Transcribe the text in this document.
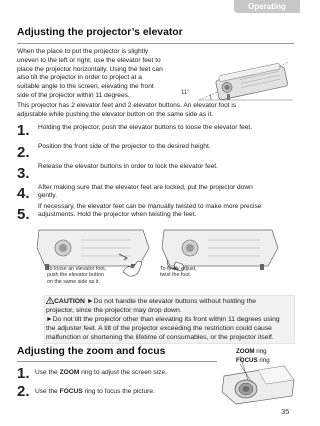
Operating
Adjusting the projector’s elevator
When the place to put the projector is slightly
uneven to the left or right, use the elevator feet to
place the projector horizontally. Using the feet can
also tilt the projector in order to project at a
suitable angle to the screen, elevating the front
side of the projector within 11 degrees.	11°
This projector has 2 elevator feet and 2 elevator buttons. An elevator foot is
adjustable while pushing the elevator button on the same side as it.
1. Holding the projector, push the elevator buttons to loose the elevator feet.
2. Position the front side of the projector to the desired height.
3. Release the elevator buttons in order to lock the elevator feet.
4. After making sure that the elevator feet are locked, put the projector down
gently.
5. If necessary, the elevator feet can be manually twisted to make more precise
adjustments. Hold the projector when twisting the feet.
To loose an elevator foot,
push the elevator button
on the same side as it.
To finely adjust,
twist the foot.
CAUTION ►Do not handle the elevator buttons without holding the
projector, since the projector may drop down.
►Do not tilt the projector other than elevating its front within 11 degrees using
the adjuster feet. A tilt of the projector exceeding the restriction could cause
malfunction or shortening the lifetime of consumables, or the projector itself.
Adjusting the zoom and focus
1. Use the ZOOM ring to adjust the screen size.
2. Use the FOCUS ring to focus the picture.
ZOOM ring
FOCUS ring
35
